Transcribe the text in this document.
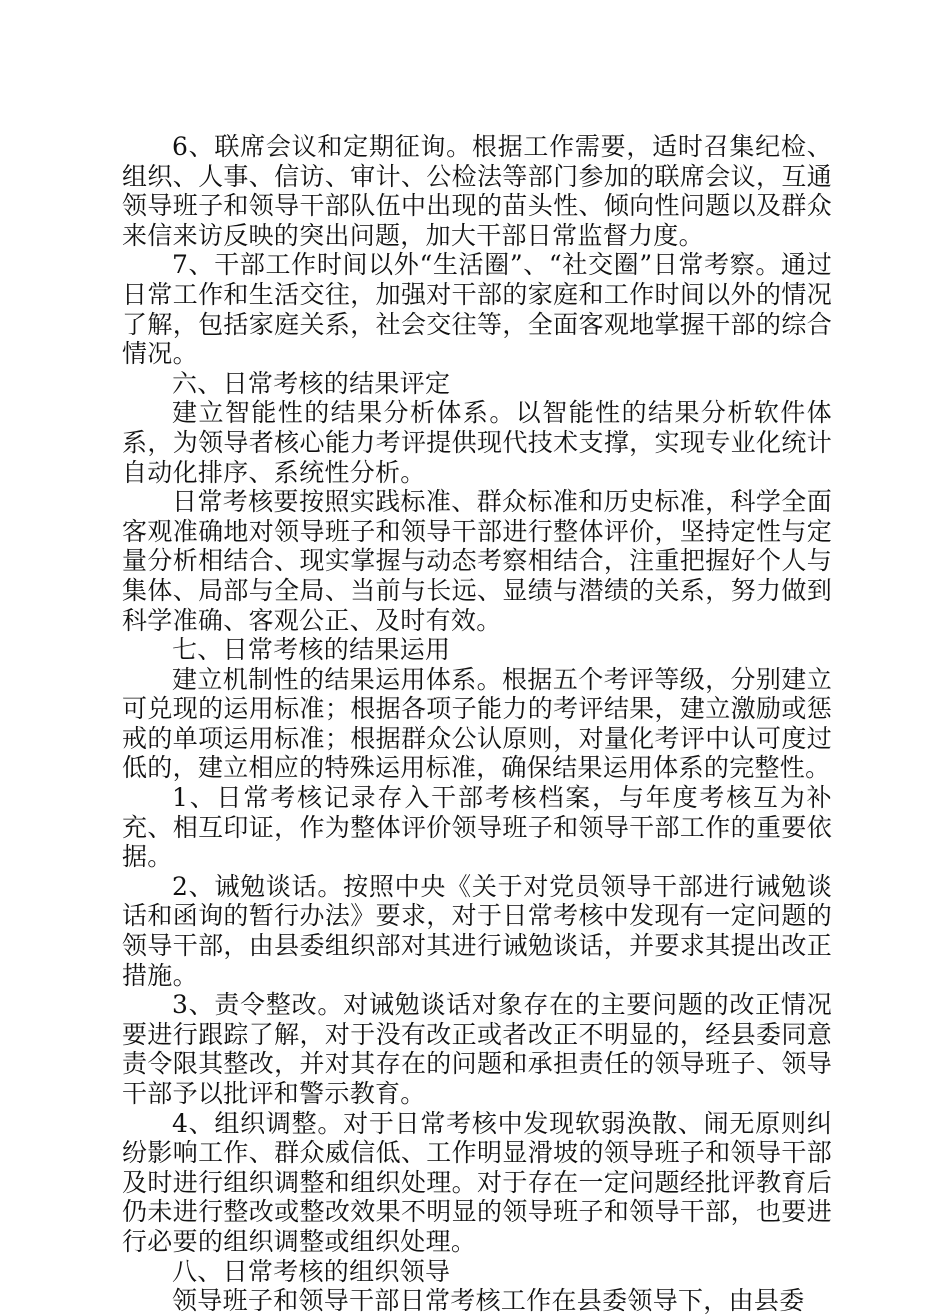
6、联席会议和定期征询。根据工作需要，适时召集纪检、组织、人事、信访、审计、公检法等部门参加的联席会议，互通领导班子和领导干部队伍中出现的苗头性、倾向性问题以及群众来信来访反映的突出问题，加大干部日常监督力度。

7、干部工作时间以外“生活圈”、“社交圈”日常考察。通过日常工作和生活交往，加强对干部的家庭和工作时间以外的情况了解，包括家庭关系，社会交往等，全面客观地掌握干部的综合情况。

六、日常考核的结果评定

建立智能性的结果分析体系。以智能性的结果分析软件体系，为领导者核心能力考评提供现代技术支撑，实现专业化统计自动化排序、系统性分析。

日常考核要按照实践标准、群众标准和历史标准，科学全面客观准确地对领导班子和领导干部进行整体评价，坚持定性与定量分析相结合、现实掌握与动态考察相结合，注重把握好个人与集体、局部与全局、当前与长远、显绩与潜绩的关系，努力做到科学准确、客观公正、及时有效。

七、日常考核的结果运用

建立机制性的结果运用体系。根据五个考评等级，分别建立可兑现的运用标准；根据各项子能力的考评结果，建立激励或惩戒的单项运用标准；根据群众公认原则，对量化考评中认可度过低的，建立相应的特殊运用标准，确保结果运用体系的完整性。

1、日常考核记录存入干部考核档案，与年度考核互为补充、相互印证，作为整体评价领导班子和领导干部工作的重要依据。

2、诫勉谈话。按照中央《关于对党员领导干部进行诫勉谈话和函询的暂行办法》要求，对于日常考核中发现有一定问题的领导干部，由县委组织部对其进行诫勉谈话，并要求其提出改正措施。

3、责令整改。对诫勉谈话对象存在的主要问题的改正情况要进行跟踪了解，对于没有改正或者改正不明显的，经县委同意责令限其整改，并对其存在的问题和承担责任的领导班子、领导干部予以批评和警示教育。

4、组织调整。对于日常考核中发现软弱涣散、闹无原则纠纷影响工作、群众威信低、工作明显滑坡的领导班子和领导干部及时进行组织调整和组织处理。对于存在一定问题经批评教育后仍未进行整改或整改效果不明显的领导班子和领导干部，也要进行必要的组织调整或组织处理。

八、日常考核的组织领导

领导班子和领导干部日常考核工作在县委领导下，由县委
